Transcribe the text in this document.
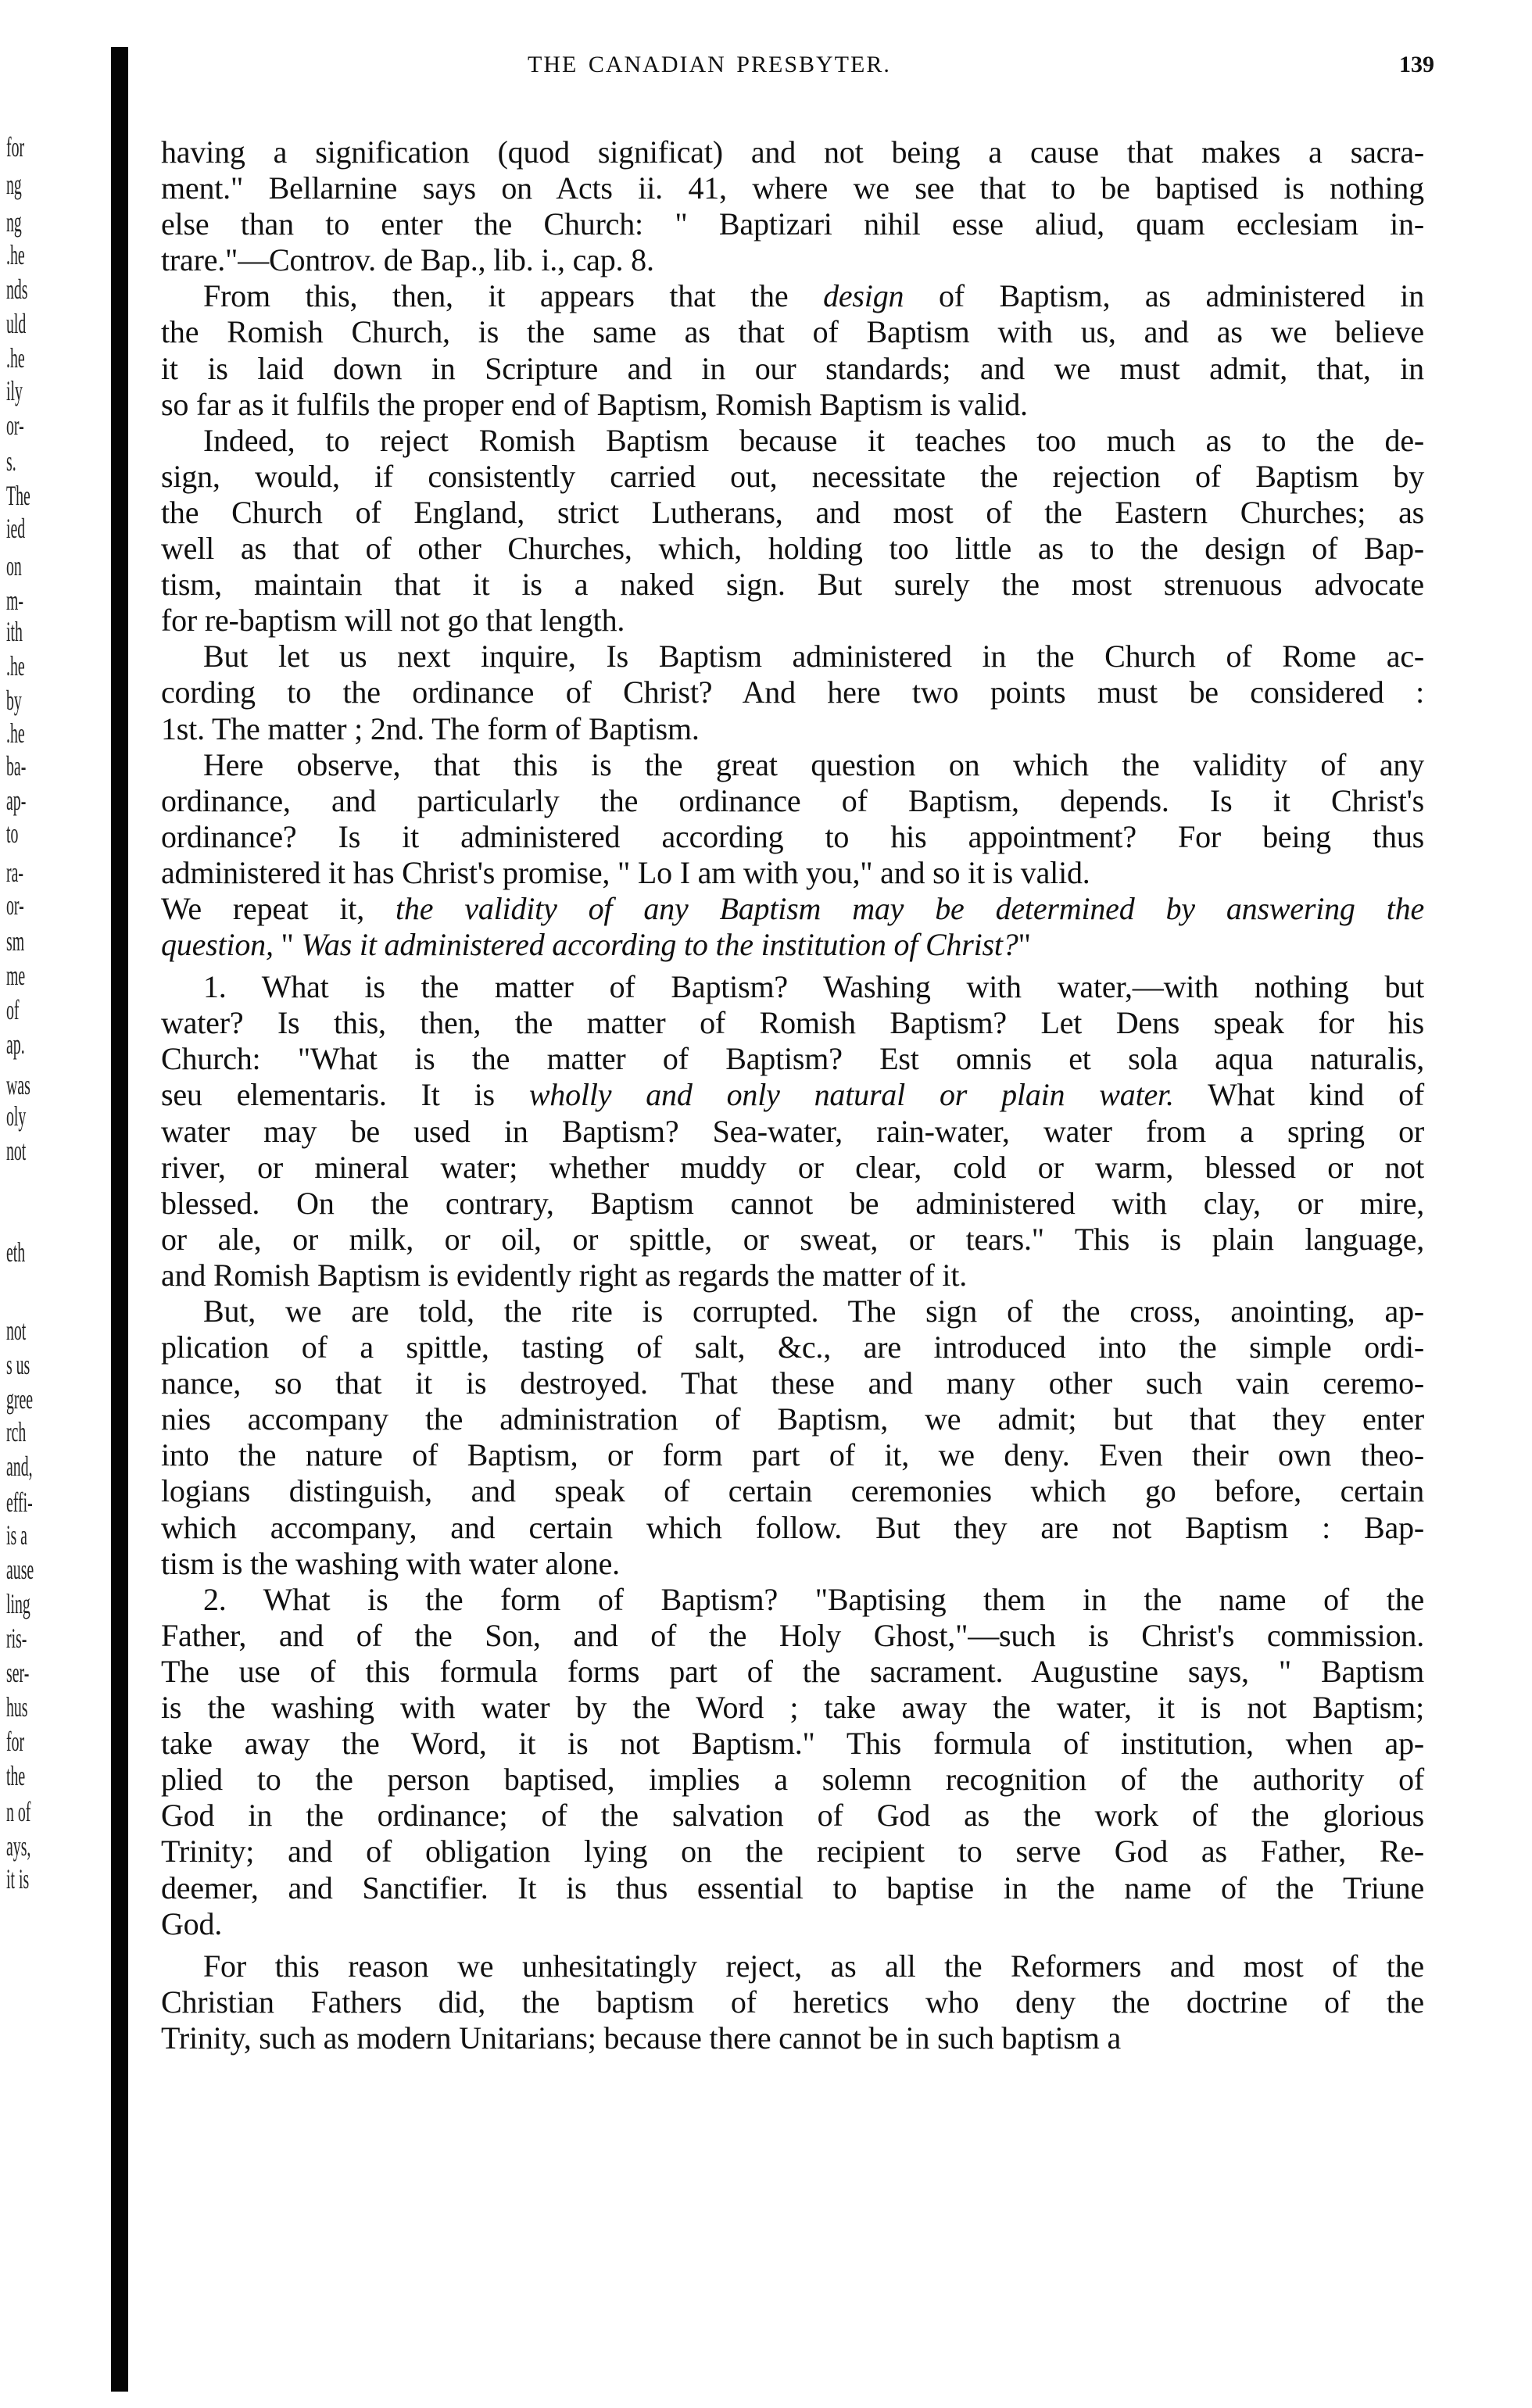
for
ng
ng
.he
nds
uld
.he
ily
or-
s.
The
ied
on
m-
ith
.he
by
.he
ba-
ap-
to
ra-
or-
sm
me
of
ap.
was
oly
not
eth
not
s us
gree
rch
and,
effi-
is a
ause
ling
ris-
ser-
hus
for
the
n of
ays,
it is
THE CANADIAN PRESBYTER.	139
having a signification (quod significat) and not being a cause that makes a sacra-
ment." Bellarnine says on Acts ii. 41, where we see that to be baptised is nothing
else than to enter the Church: " Baptizari nihil esse aliud, quam ecclesiam in-
trare."—Controv. de Bap., lib. i., cap. 8.
From this, then, it appears that the design of Baptism, as administered in
the Romish Church, is the same as that of Baptism with us, and as we believe
it is laid down in Scripture and in our standards; and we must admit, that, in
so far as it fulfils the proper end of Baptism, Romish Baptism is valid.
Indeed, to reject Romish Baptism because it teaches too much as to the de-
sign, would, if consistently carried out, necessitate the rejection of Baptism by
the Church of England, strict Lutherans, and most of the Eastern Churches; as
well as that of other Churches, which, holding too little as to the design of Bap-
tism, maintain that it is a naked sign. But surely the most strenuous advocate
for re-baptism will not go that length.
But let us next inquire, Is Baptism administered in the Church of Rome ac-
cording to the ordinance of Christ? And here two points must be considered :
1st. The matter ; 2nd. The form of Baptism.
Here observe, that this is the great question on which the validity of any
ordinance, and particularly the ordinance of Baptism, depends. Is it Christ's
ordinance? Is it administered according to his appointment? For being thus
administered it has Christ's promise, " Lo I am with you," and so it is valid.
We repeat it, the validity of any Baptism may be determined by answering the
question, " Was it administered according to the institution of Christ?"
1. What is the matter of Baptism? Washing with water,—with nothing but
water? Is this, then, the matter of Romish Baptism? Let Dens speak for his
Church: "What is the matter of Baptism? Est omnis et sola aqua naturalis,
seu elementaris. It is wholly and only natural or plain water. What kind of
water may be used in Baptism? Sea-water, rain-water, water from a spring or
river, or mineral water; whether muddy or clear, cold or warm, blessed or not
blessed. On the contrary, Baptism cannot be administered with clay, or mire,
or ale, or milk, or oil, or spittle, or sweat, or tears." This is plain language,
and Romish Baptism is evidently right as regards the matter of it.
But, we are told, the rite is corrupted. The sign of the cross, anointing, ap-
plication of a spittle, tasting of salt, &c., are introduced into the simple ordi-
nance, so that it is destroyed. That these and many other such vain ceremo-
nies accompany the administration of Baptism, we admit; but that they enter
into the nature of Baptism, or form part of it, we deny. Even their own theo-
logians distinguish, and speak of certain ceremonies which go before, certain
which accompany, and certain which follow. But they are not Baptism : Bap-
tism is the washing with water alone.
2. What is the form of Baptism? "Baptising them in the name of the
Father, and of the Son, and of the Holy Ghost,"—such is Christ's commission.
The use of this formula forms part of the sacrament. Augustine says, " Baptism
is the washing with water by the Word ; take away the water, it is not Baptism;
take away the Word, it is not Baptism." This formula of institution, when ap-
plied to the person baptised, implies a solemn recognition of the authority of
God in the ordinance; of the salvation of God as the work of the glorious
Trinity; and of obligation lying on the recipient to serve God as Father, Re-
deemer, and Sanctifier. It is thus essential to baptise in the name of the Triune
God.
For this reason we unhesitatingly reject, as all the Reformers and most of the
Christian Fathers did, the baptism of heretics who deny the doctrine of the
Trinity, such as modern Unitarians; because there cannot be in such baptism a
